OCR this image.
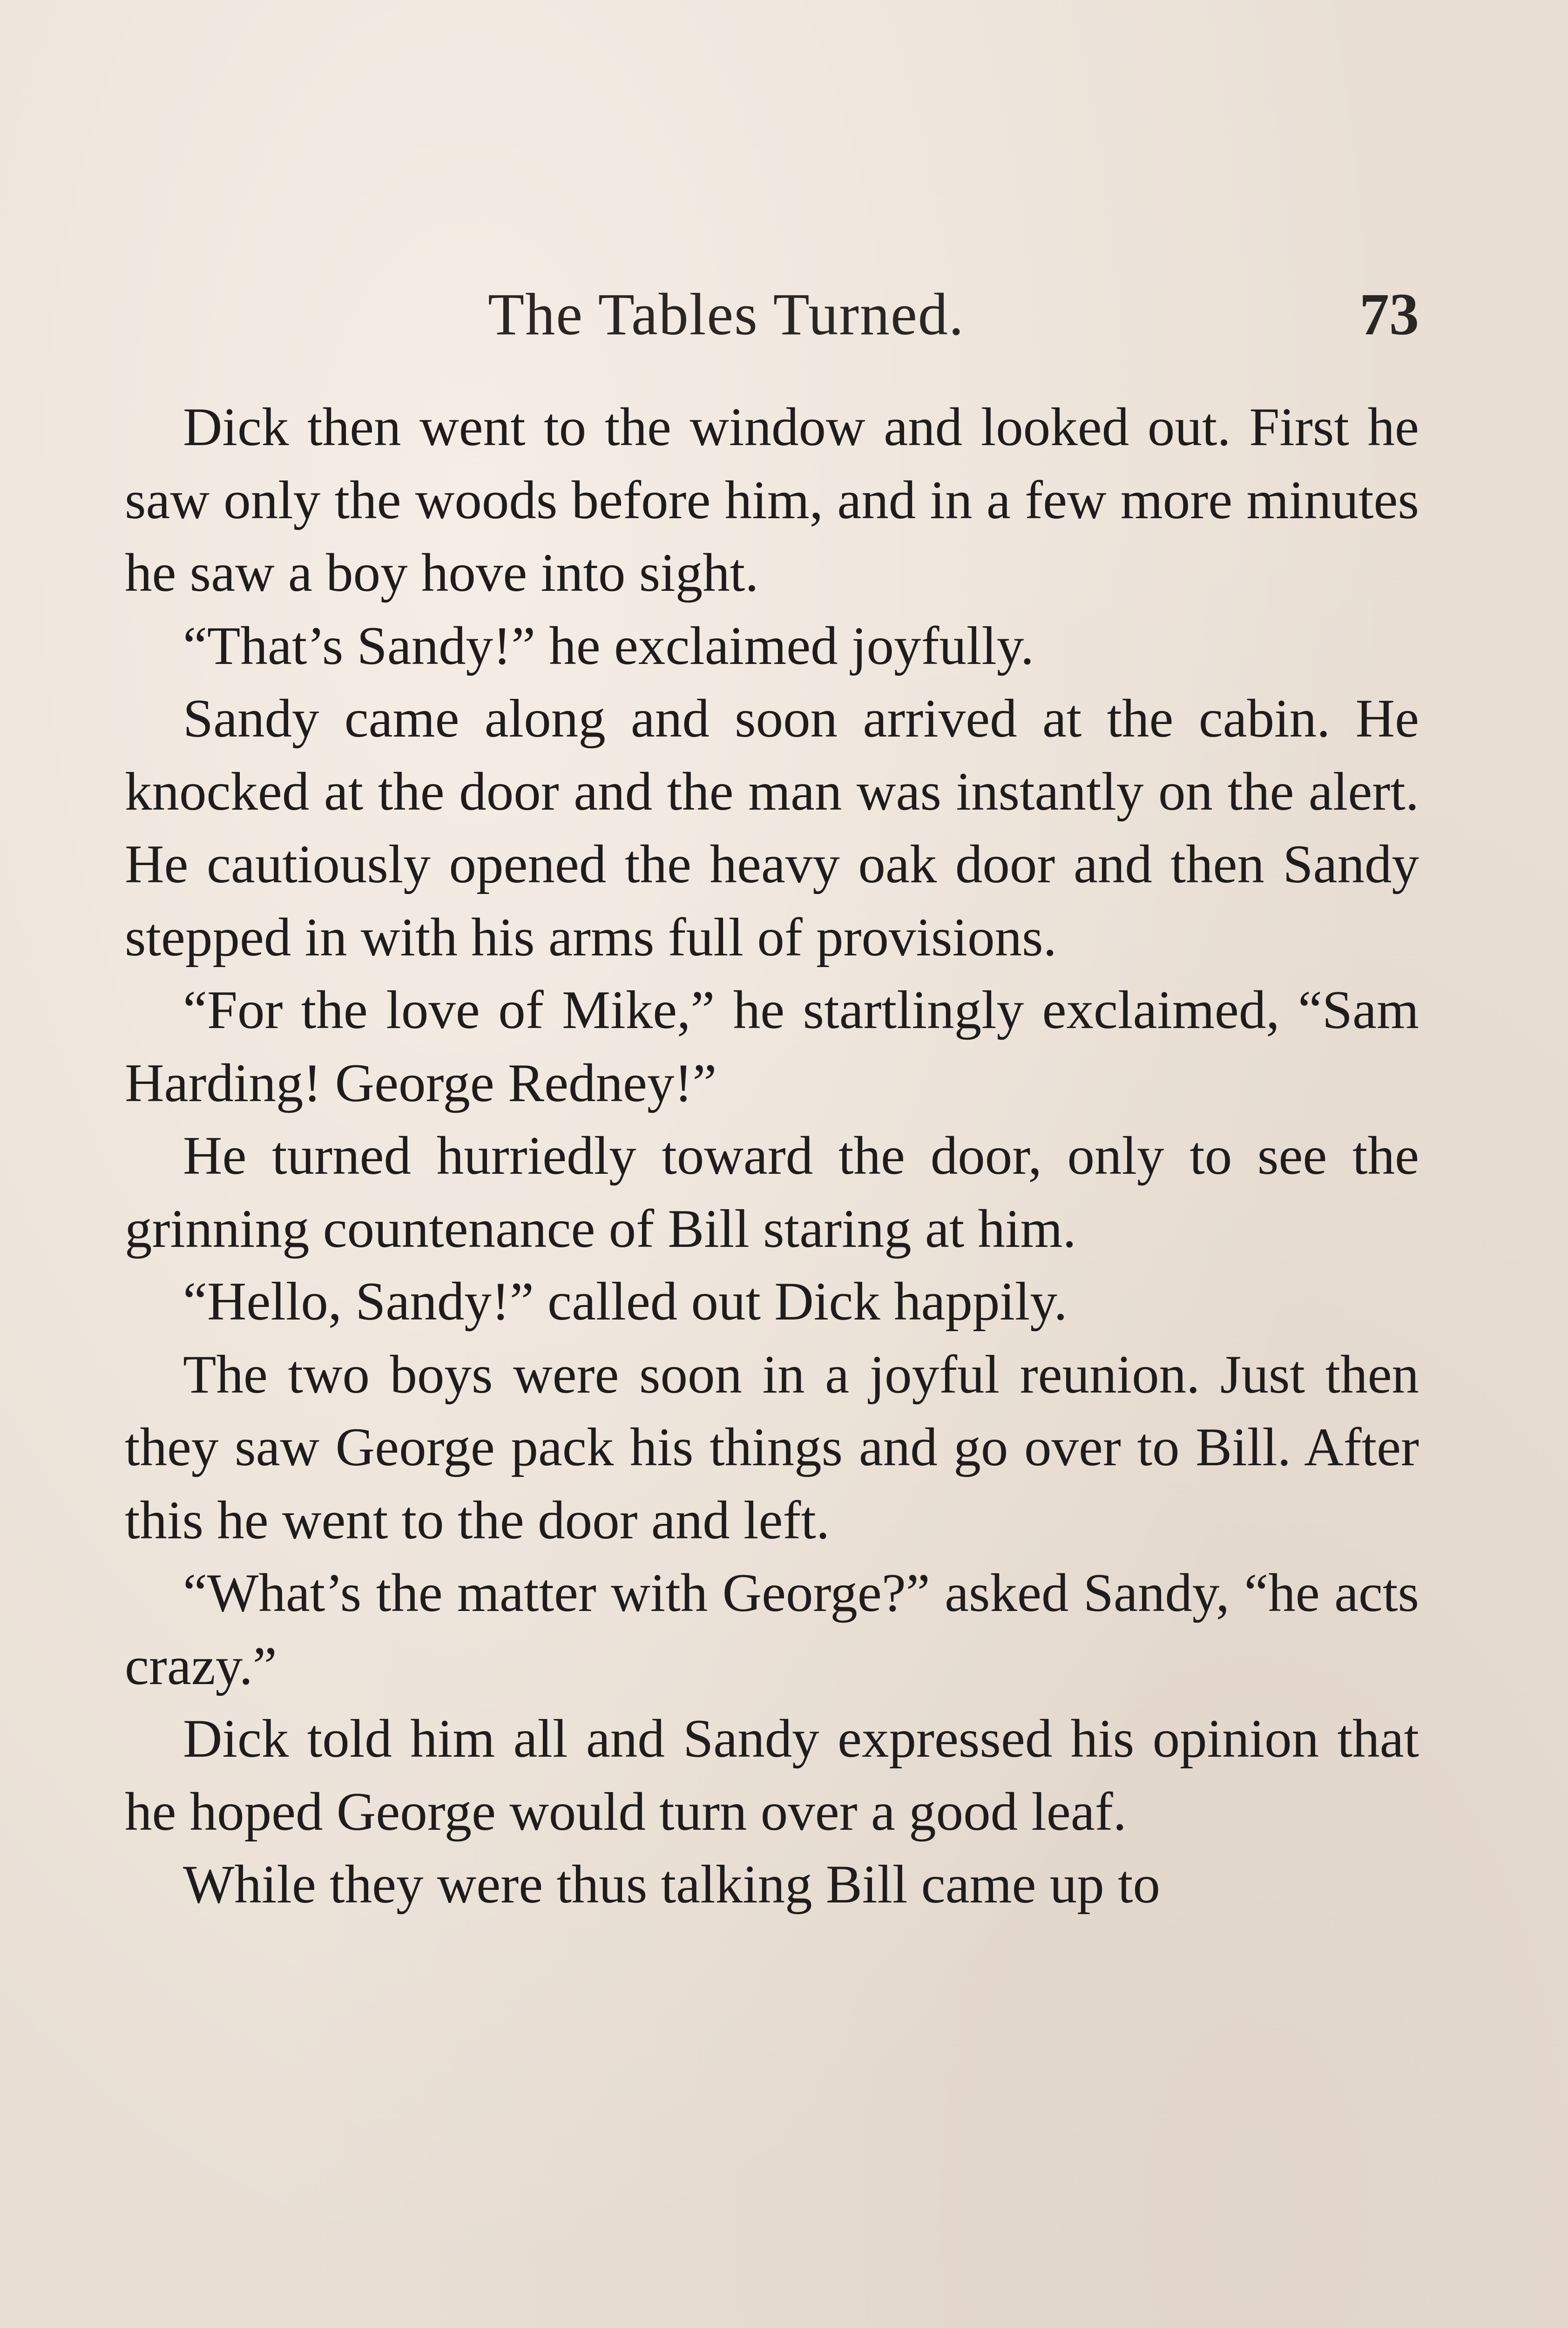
The Tables Turned.	73

Dick then went to the window and looked out. First he saw only the woods before him, and in a few more minutes he saw a boy hove into sight.

“That’s Sandy!” he exclaimed joyfully.

Sandy came along and soon arrived at the cabin. He knocked at the door and the man was instantly on the alert. He cautiously opened the heavy oak door and then Sandy stepped in with his arms full of provisions.

“For the love of Mike,” he startlingly exclaimed, “Sam Harding! George Redney!”

He turned hurriedly toward the door, only to see the grinning countenance of Bill staring at him.

“Hello, Sandy!” called out Dick happily.

The two boys were soon in a joyful reunion. Just then they saw George pack his things and go over to Bill. After this he went to the door and left.

“What’s the matter with George?” asked Sandy, “he acts crazy.”

Dick told him all and Sandy expressed his opinion that he hoped George would turn over a good leaf.

While they were thus talking Bill came up to
